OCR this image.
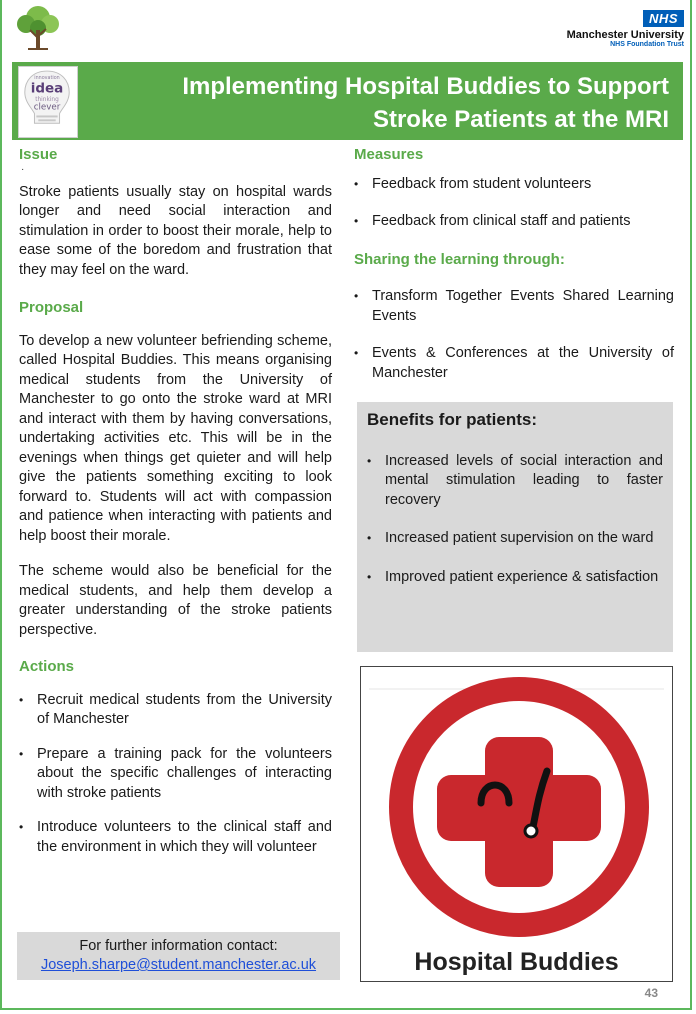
NHS
Manchester University
NHS Foundation Trust
innovation
idea
thinking
clever
Implementing Hospital Buddies to Support
Stroke Patients at the MRI
Issue
·

Stroke patients usually stay on hospital wards longer and need social interaction and stimulation in order to boost their morale, help to ease some of the boredom and frustration that they may feel on the ward.

Proposal

To develop a new volunteer befriending scheme, called Hospital Buddies. This means organising medical students from the University of Manchester to go onto the stroke ward at MRI and interact with them by having conversations, undertaking activities etc. This will be in the evenings when things get quieter and will help give the patients something exciting to look forward to. Students will act with compassion and patience when interacting with patients and help boost their morale.

The scheme would also be beneficial for the medical students, and help them develop a greater understanding of the stroke patients perspective.

Actions
• Recruit medical students from the University of Manchester
• Prepare a training pack for the volunteers about the specific challenges of interacting with stroke patients
• Introduce volunteers to the clinical staff and the environment in which they will volunteer
For further information contact:
Joseph.sharpe@student.manchester.ac.uk
Measures
• Feedback from student volunteers
• Feedback from clinical staff and patients
Sharing the learning through:
• Transform Together Events Shared Learning Events
• Events & Conferences at the University of Manchester
Benefits for patients:
• Increased levels of social interaction and mental stimulation leading to faster recovery
• Increased patient supervision on the ward
• Improved patient experience & satisfaction
Hospital Buddies
43
